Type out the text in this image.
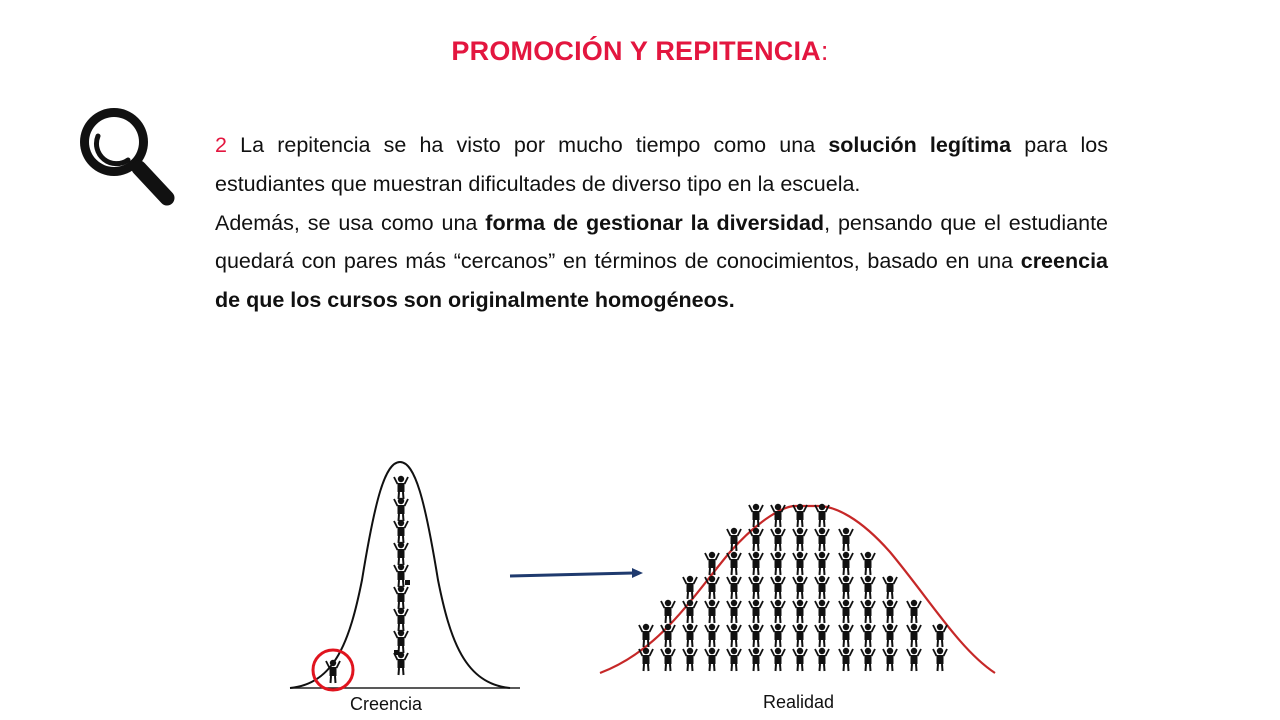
PROMOCIÓN Y REPITENCIA:

2 La repitencia se ha visto por mucho tiempo como una solución legítima para los estudiantes que muestran dificultades de diverso tipo en la escuela.

Además, se usa como una forma de gestionar la diversidad, pensando que el estudiante quedará con pares más “cercanos” en términos de conocimientos, basado en una creencia de que los cursos son originalmente homogéneos.

Creencia	Realidad
